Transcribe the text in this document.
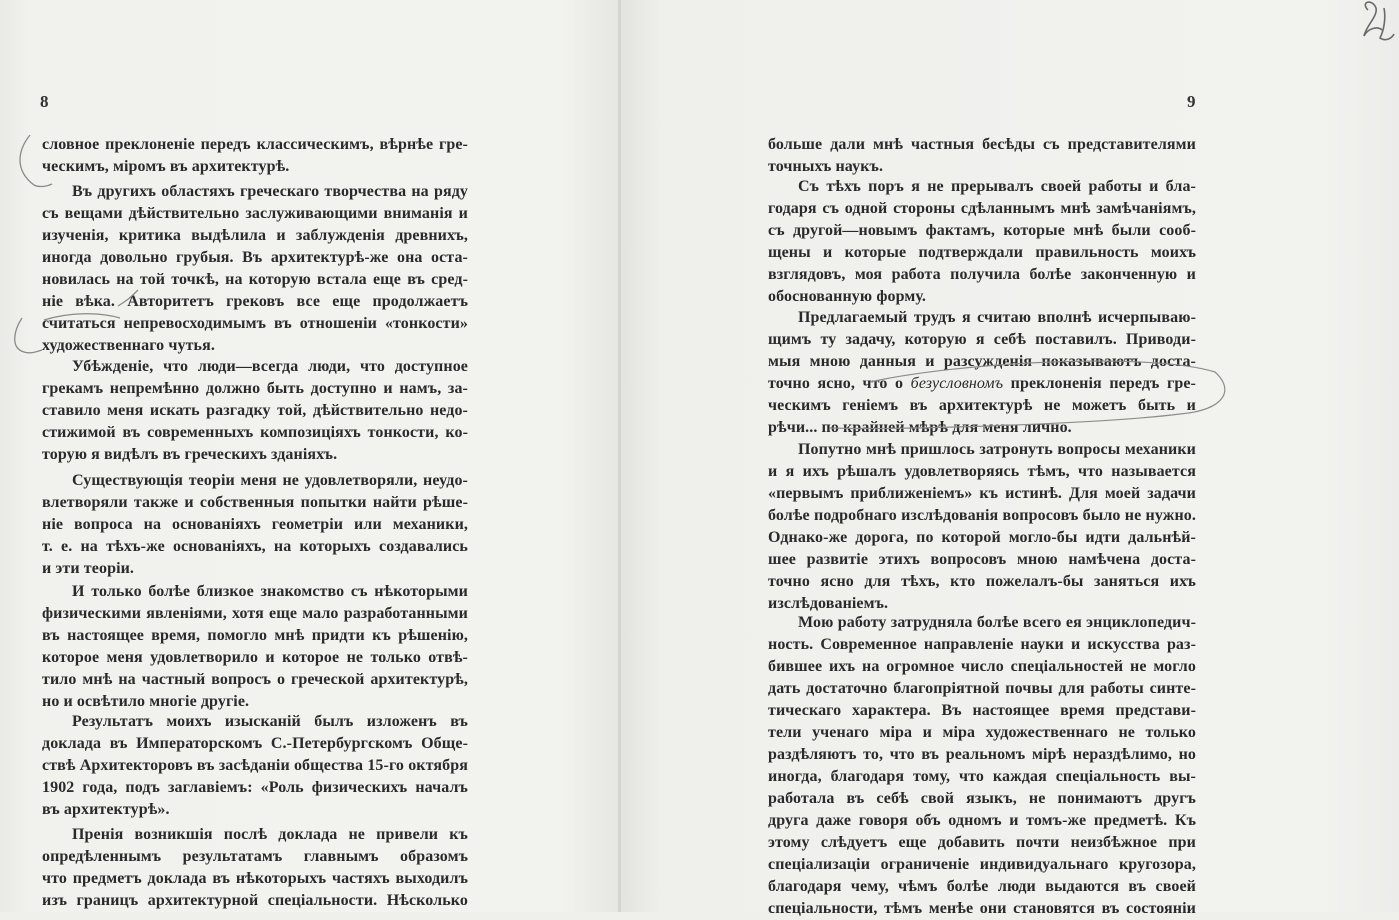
8
словное преклоненіе передъ классическимъ, вѣрнѣе гре-
ческимъ, міромъ въ архитектурѣ.
Въ другихъ областяхъ греческаго творчества на ряду
съ вещами дѣйствительно заслуживающими вниманія и
изученія, критика выдѣлила и заблужденія древнихъ,
иногда довольно грубыя. Въ архитектурѣ-же она оста-
новилась на той точкѣ, на которую встала еще въ сред-
ніе вѣка. Авторитетъ грековъ все еще продолжаетъ
считаться непревосходимымъ въ отношеніи «тонкости»
художественнаго чутья.
Убѣжденіе, что люди—всегда люди, что доступное
грекамъ непремѣнно должно быть доступно и намъ, за-
ставило меня искать разгадку той, дѣйствительно недо-
стижимой въ современныхъ композиціяхъ тонкости, ко-
торую я видѣлъ въ греческихъ зданіяхъ.
Существующія теоріи меня не удовлетворяли, неудо-
влетворяли также и собственныя попытки найти рѣше-
ніе вопроса на основаніяхъ геометріи или механики,
т. е. на тѣхъ-же основаніяхъ, на которыхъ создавались
и эти теоріи.
И только болѣе близкое знакомство съ нѣкоторыми
физическими явленіями, хотя еще мало разработанными
въ настоящее время, помогло мнѣ придти къ рѣшенію,
которое меня удовлетворило и которое не только отвѣ-
тило мнѣ на частный вопросъ о греческой архитектурѣ,
но и освѣтило многіе другіе.
Результатъ моихъ изысканій былъ изложенъ въ
доклада въ Императорскомъ С.-Петербургскомъ Обще-
ствѣ Архитекторовъ въ засѣданіи общества 15-го октября
1902 года, подъ заглавіемъ: «Роль физическихъ началъ
въ архитектурѣ».
Пренія возникшія послѣ доклада не привели къ
опредѣленнымъ результатамъ главнымъ образомъ
что предметъ доклада въ нѣкоторыхъ частяхъ выходилъ
изъ границъ архитектурной спеціальности. Нѣсколько
9
больше дали мнѣ частныя бесѣды съ представителями
точныхъ наукъ.
Съ тѣхъ поръ я не прерывалъ своей работы и бла-
годаря съ одной стороны сдѣланнымъ мнѣ замѣчаніямъ,
съ другой—новымъ фактамъ, которые мнѣ были сооб-
щены и которые подтверждали правильность моихъ
взглядовъ, моя работа получила болѣе законченную и
обоснованную форму.
Предлагаемый трудъ я считаю вполнѣ исчерпываю-
щимъ ту задачу, которую я себѣ поставилъ. Приводи-
мыя мною данныя и разсужденія показываютъ доста-
точно ясно, что о безусловномъ преклоненія передъ гре-
ческимъ геніемъ въ архитектурѣ не можетъ быть и
рѣчи... по крайней мѣрѣ для меня лично.
Попутно мнѣ пришлось затронуть вопросы механики
и я ихъ рѣшалъ удовлетворяясь тѣмъ, что называется
«первымъ приближеніемъ» къ истинѣ. Для моей задачи
болѣе подробнаго изслѣдованія вопросовъ было не нужно.
Однако-же дорога, по которой могло-бы идти дальнѣй-
шее развитіе этихъ вопросовъ мною намѣчена доста-
точно ясно для тѣхъ, кто пожелалъ-бы заняться ихъ
изслѣдованіемъ.
Мою работу затрудняла болѣе всего ея энциклопедич-
ность. Современное направленіе науки и искусства раз-
бившее ихъ на огромное число спеціальностей не могло
дать достаточно благопріятной почвы для работы синте-
тическаго характера. Въ настоящее время представи-
тели ученаго міра и міра художественнаго не только
раздѣляютъ то, что въ реальномъ мірѣ нераздѣлимо, но
иногда, благодаря тому, что каждая спеціальность вы-
работала въ себѣ свой языкъ, не понимаютъ другъ
друга даже говоря объ одномъ и томъ-же предметѣ. Къ
этому слѣдуетъ еще добавить почти неизбѣжное при
спеціализаціи ограниченіе индивидуальнаго кругозора,
благодаря чему, чѣмъ болѣе люди выдаются въ своей
спеціальности, тѣмъ менѣе они становятся въ состояніи
